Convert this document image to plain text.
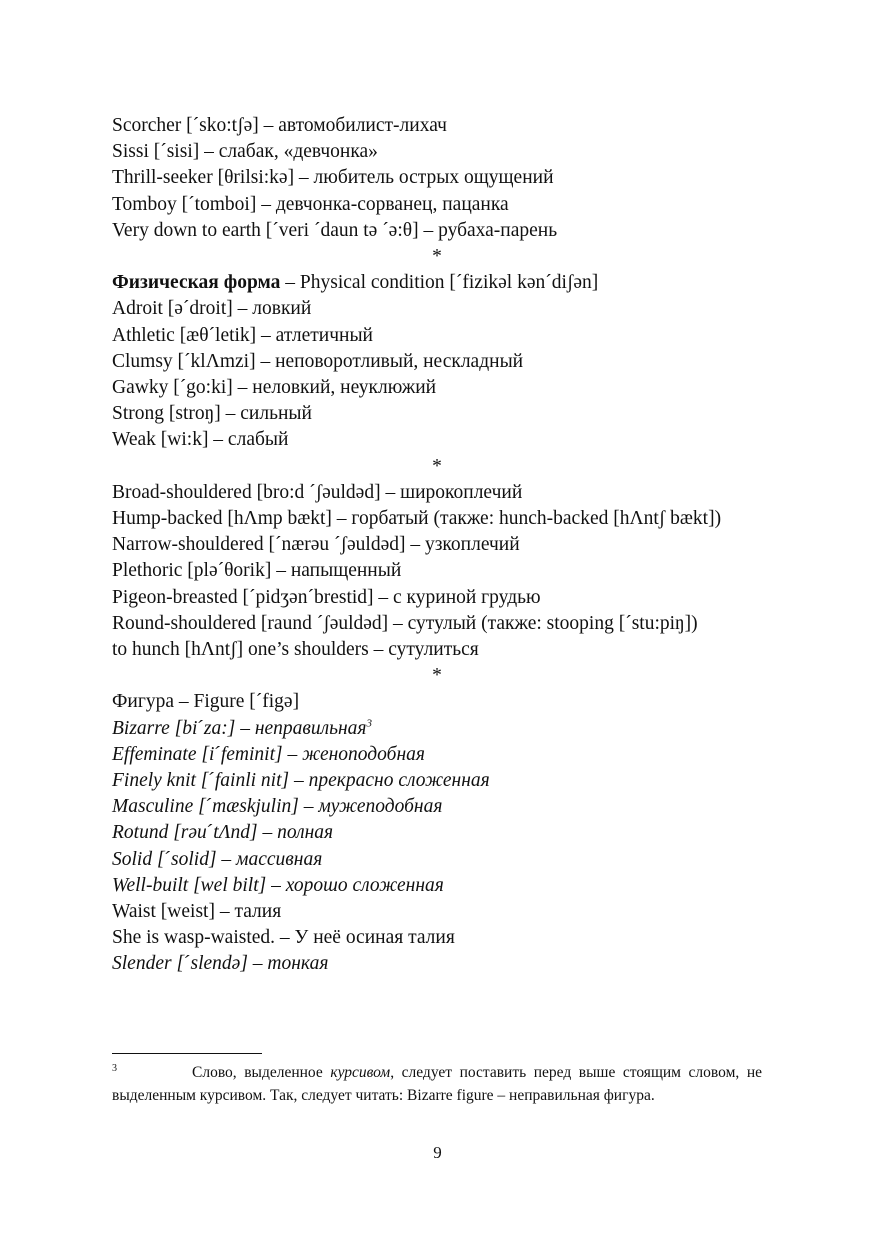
Scorcher [ˊsko:tʃə] – автомобилист-лихач
Sissi [ˊsisi] – слабак, «девчонка»
Thrill-seeker [θrilsi:kə] – любитель острых ощущений
Tomboy [ˊtomboi] – девчонка-сорванец, пацанка
Very down to earth [ˊveri ˊdaun tə ˊə:θ] – рубаха-парень
*
Физическая форма – Physical condition [ˊfizikəl kənˊdiʃən]
Adroit [əˊdroit] – ловкий
Athletic [æθˊletik] – атлетичный
Clumsy [ˊklΛmzi] – неповоротливый, нескладный
Gawky [ˊgo:ki] – неловкий, неуклюжий
Strong [stroŋ] – сильный
Weak [wi:k] – слабый
*
Broad-shouldered [bro:d ˊʃəuldəd] – широкоплечий
Hump-backed [hΛmp bækt] – горбатый (также: hunch-backed [hΛntʃ bækt])
Narrow-shouldered [ˊnærəu ˊʃəuldəd] – узкоплечий
Plethoric [pləˊθorik] – напыщенный
Pigeon-breasted [ˊpidʒənˊbrestid] – с куриной грудью
Round-shouldered [raund ˊʃəuldəd] – сутулый (также: stooping [ˊstu:piŋ])
to hunch [hΛntʃ] one’s shoulders – сутулиться
*
Фигура – Figure [ˊfigə]
Bizarre [biˊza:] – неправильная$^3$
Effeminate [iˊfeminit] – женоподобная
Finely knit [ˊfainli nit] – прекрасно сложенная
Masculine [ˊmæskjulin] – мужеподобная
Rotund [rəuˊtΛnd] – полная
Solid [ˊsolid] – массивная
Well-built [wel bilt] – хорошо сложенная
Waist [weist] – талия
She is wasp-waisted. – У неё осиная талия
Slender [ˊslendə] – тонкая
$^3$	Слово, выделенное курсивом, следует поставить перед выше стоящим словом, не выделенным курсивом. Так, следует читать: Bizarre figure – неправильная фигура.
9
